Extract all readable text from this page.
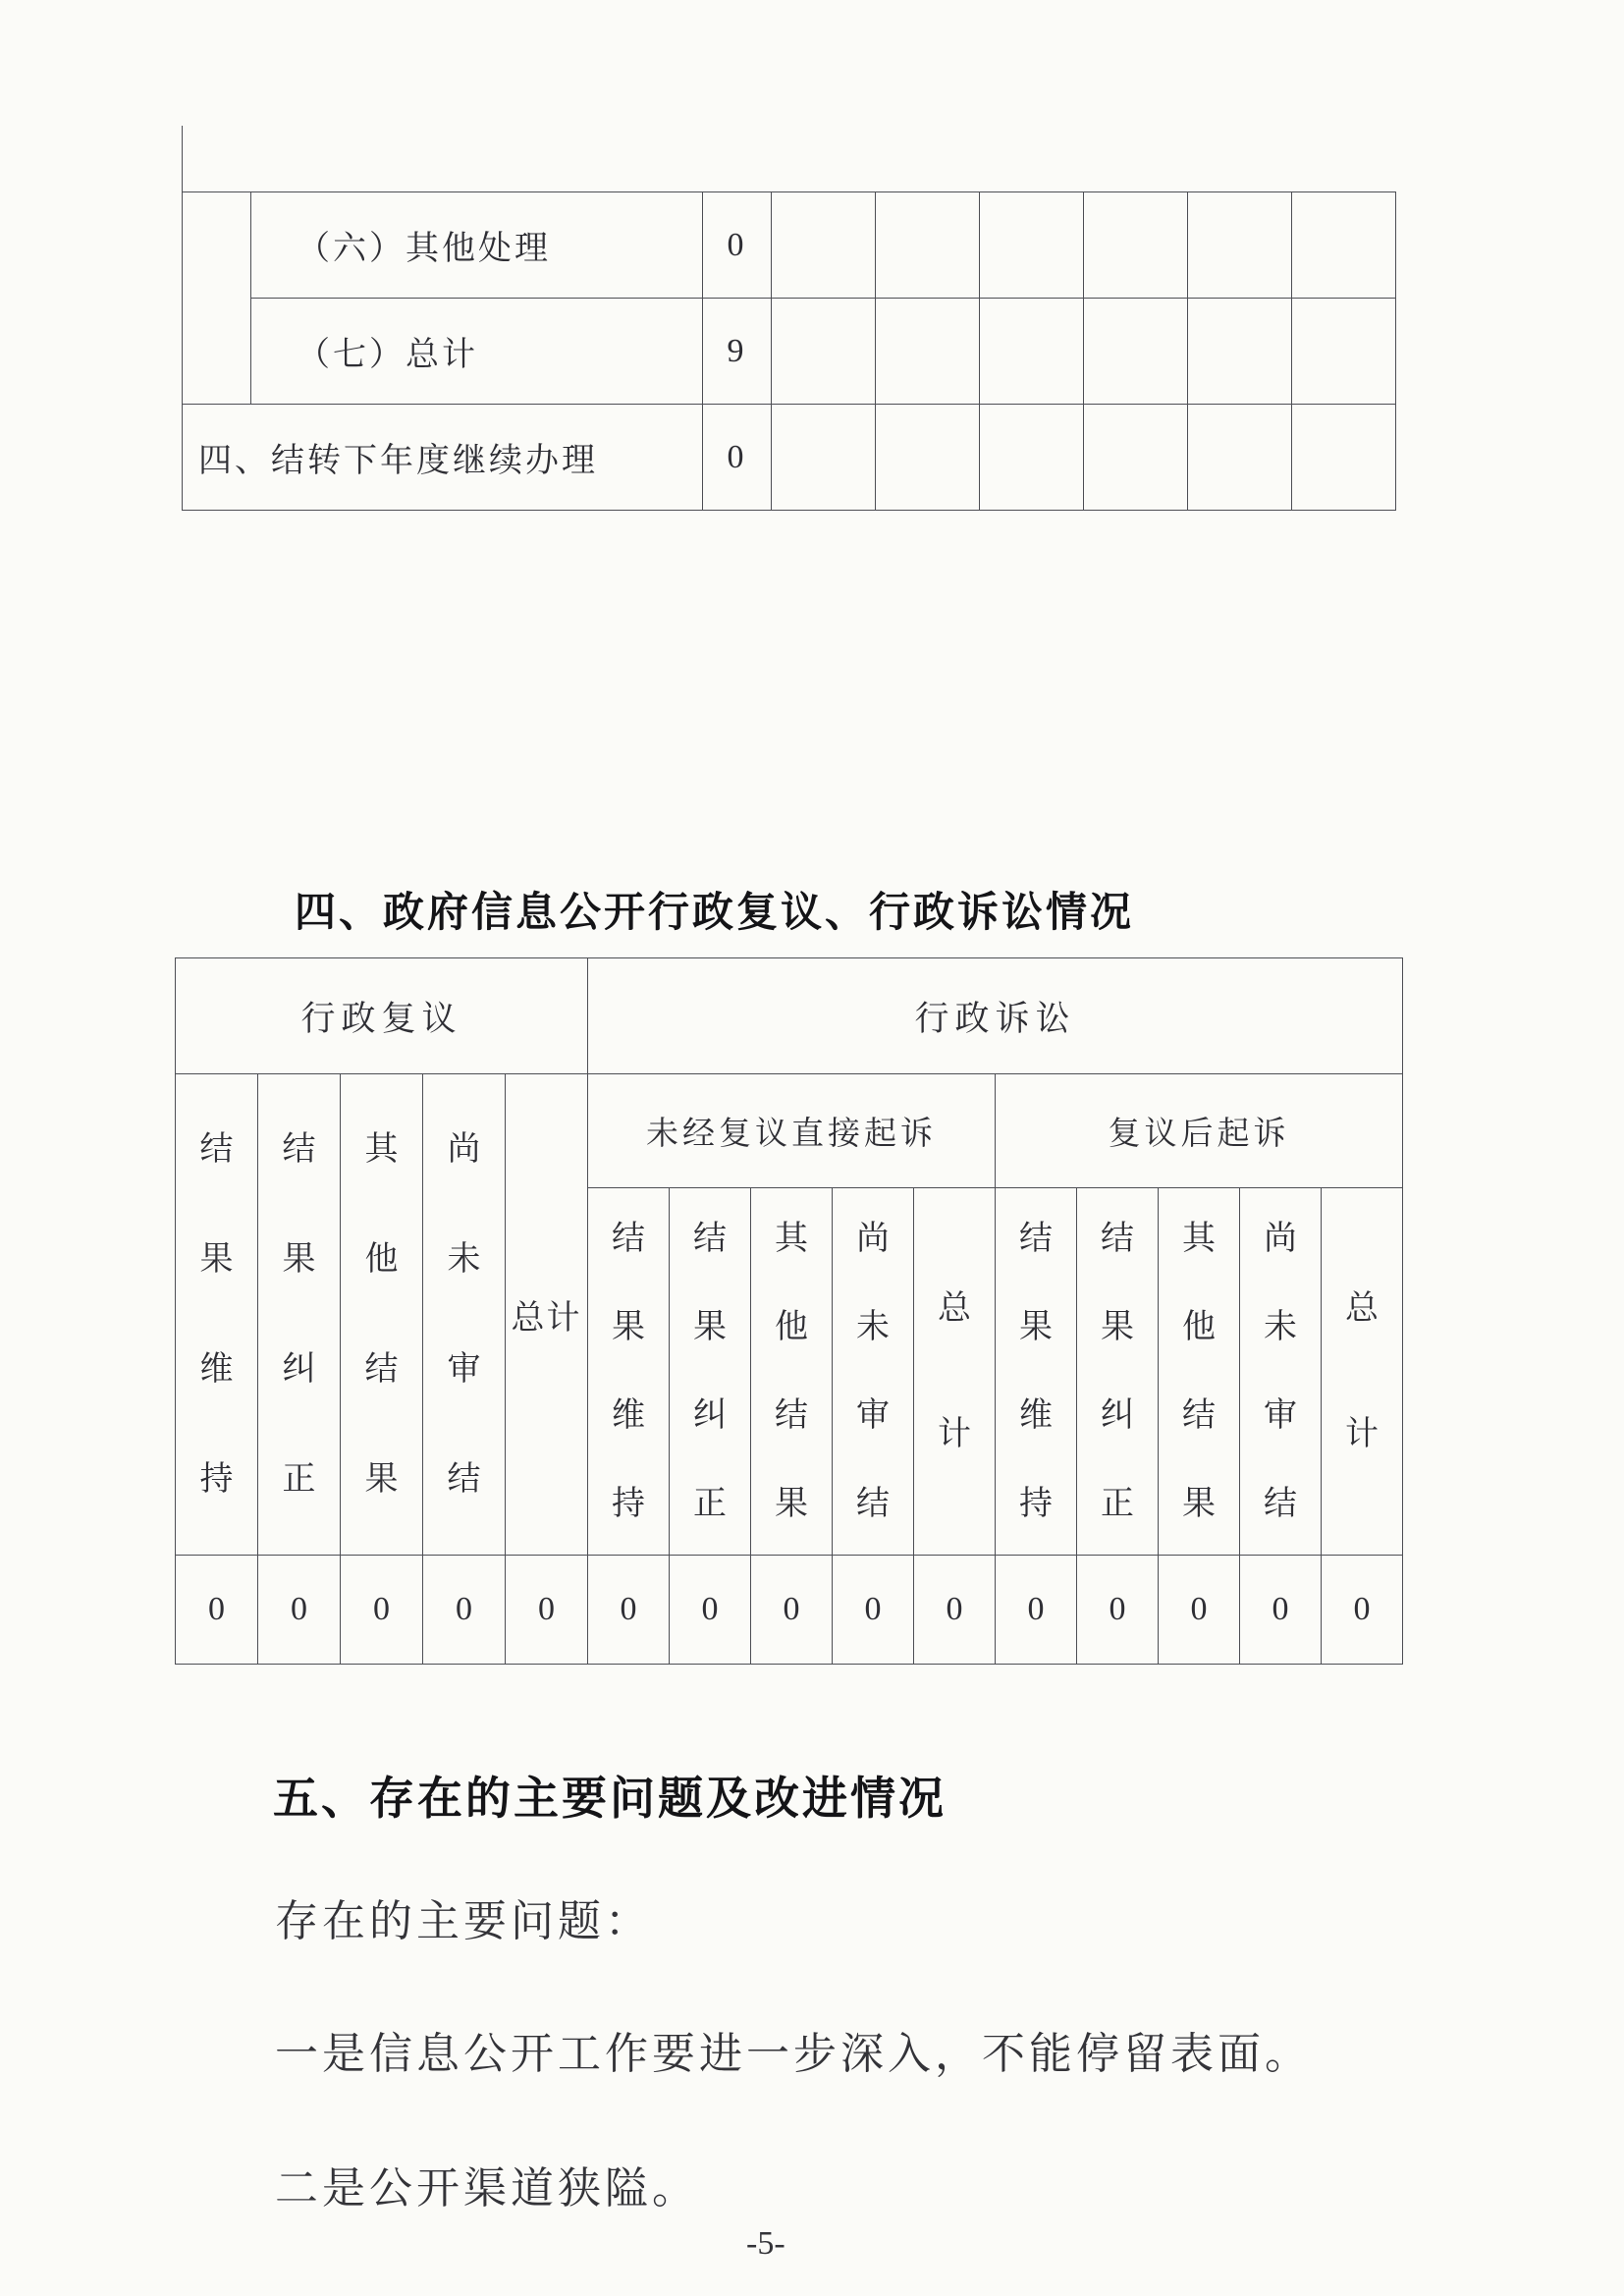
	（六）其他处理	0						
	（七）总计	9						
四、结转下年度继续办理		0						
四、政府信息公开行政复议、行政诉讼情况
行政复议					行政诉讼									

结果维持	结果纠正	其他结果	尚未审结	总计	未经复议直接起诉					复议后起诉				

					结果维持	结果纠正	其他结果	尚未审结	总计	结果维持	结果纠正	其他结果	尚未审结	总计

0	0	0	0	0	0	0	0	0	0	0	0	0	0	0
五、存在的主要问题及改进情况
存在的主要问题：
一是信息公开工作要进一步深入，不能停留表面。
二是公开渠道狭隘。
-5-
